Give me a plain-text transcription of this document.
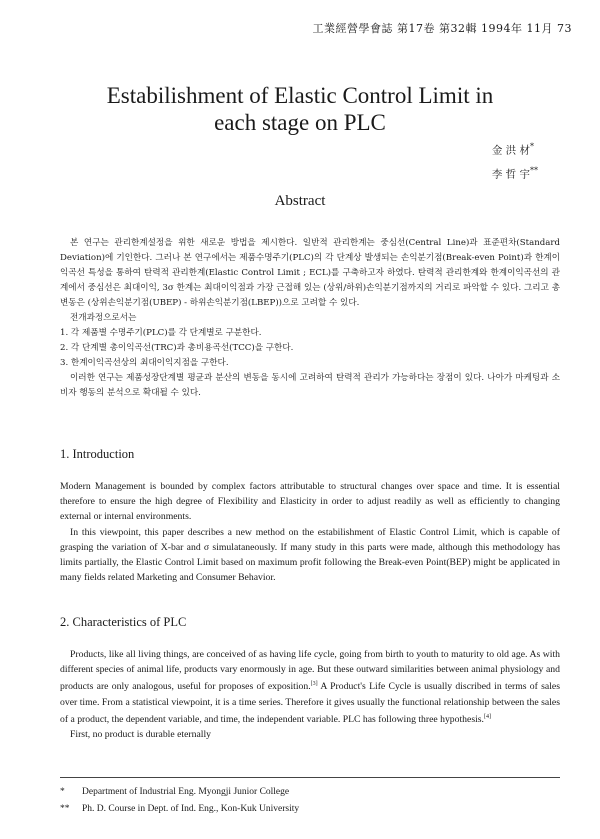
工業經營學會誌 第17卷 第32輯 1994年 11月 73
Estabilishment of Elastic Control Limit in
each stage on PLC
金 洪 材*
李 哲 宇**
Abstract

본 연구는 관리한계설정을 위한 새로운 방법을 제시한다. 일반적 관리한계는 중심선(Central Line)과 표준편차(Standard Deviation)에 기인한다. 그러나 본 연구에서는 제품수명주기(PLC)의 각 단계상 발생되는 손익분기점(Break-even Point)과 한계이익곡선 특성을 통하여 탄력적 관리한계(Elastic Control Limit ; ECL)를 구축하고자 하였다. 탄력적 관리한계와 한계이익곡선의 관계에서 중심선은 최대이익, 3σ 한계는 최대이익점과 가장 근접해 있는 (상위/하위)손익분기점까지의 거리로 파악할 수 있다. 그리고 총변동은 (상위손익분기점(UBEP) - 하위손익분기점(LBEP))으로 고려할 수 있다.

전개과정으로서는

1. 각 제품별 수명주기(PLC)를 각 단계별로 구분한다.
2. 각 단계별 총이익곡선(TRC)과 총비용곡선(TCC)을 구한다.
3. 한계이익곡선상의 최대이익지점을 구한다.

이러한 연구는 제품성장단계별 평균과 분산의 변동을 동시에 고려하여 탄력적 관리가 가능하다는 장점이 있다. 나아가 마케팅과 소비자 행동의 분석으로 확대될 수 있다.

1. Introduction

Modern Management is bounded by complex factors attributable to structural changes over space and time. It is essential therefore to ensure the high degree of Flexibility and Elasticity in order to adjust readily as well as efficiently to changing external or internal environments.

In this viewpoint, this paper describes a new method on the estabilishment of Elastic Control Limit, which is capable of grasping the variation of X-bar and σ simulataneously. If many study in this parts were made, although this methodology has limits partially, the Elastic Control Limit based on maximum profit following the Break-even Point(BEP) might be applicated in many fields related Marketing and Consumer Behavior.

2. Characteristics of PLC

Products, like all living things, are conceived of as having life cycle, going from birth to youth to maturity to old age. As with different species of animal life, products vary enormously in age. But these outward similarities between animal physiology and products are only analogous, useful for proposes of exposition.[3] A Product's Life Cycle is usually discribed in terms of sales over time. From a statistical viewpoint, it is a time series. Therefore it gives usually the functional relationship between the sales of a product, the dependent variable, and time, the independent variable. PLC has following three hypothesis.[4]

First, no product is durable eternally

*	Department of Industrial Eng. Myongji Junior College
**	Ph. D. Course in Dept. of Ind. Eng., Kon-Kuk University
